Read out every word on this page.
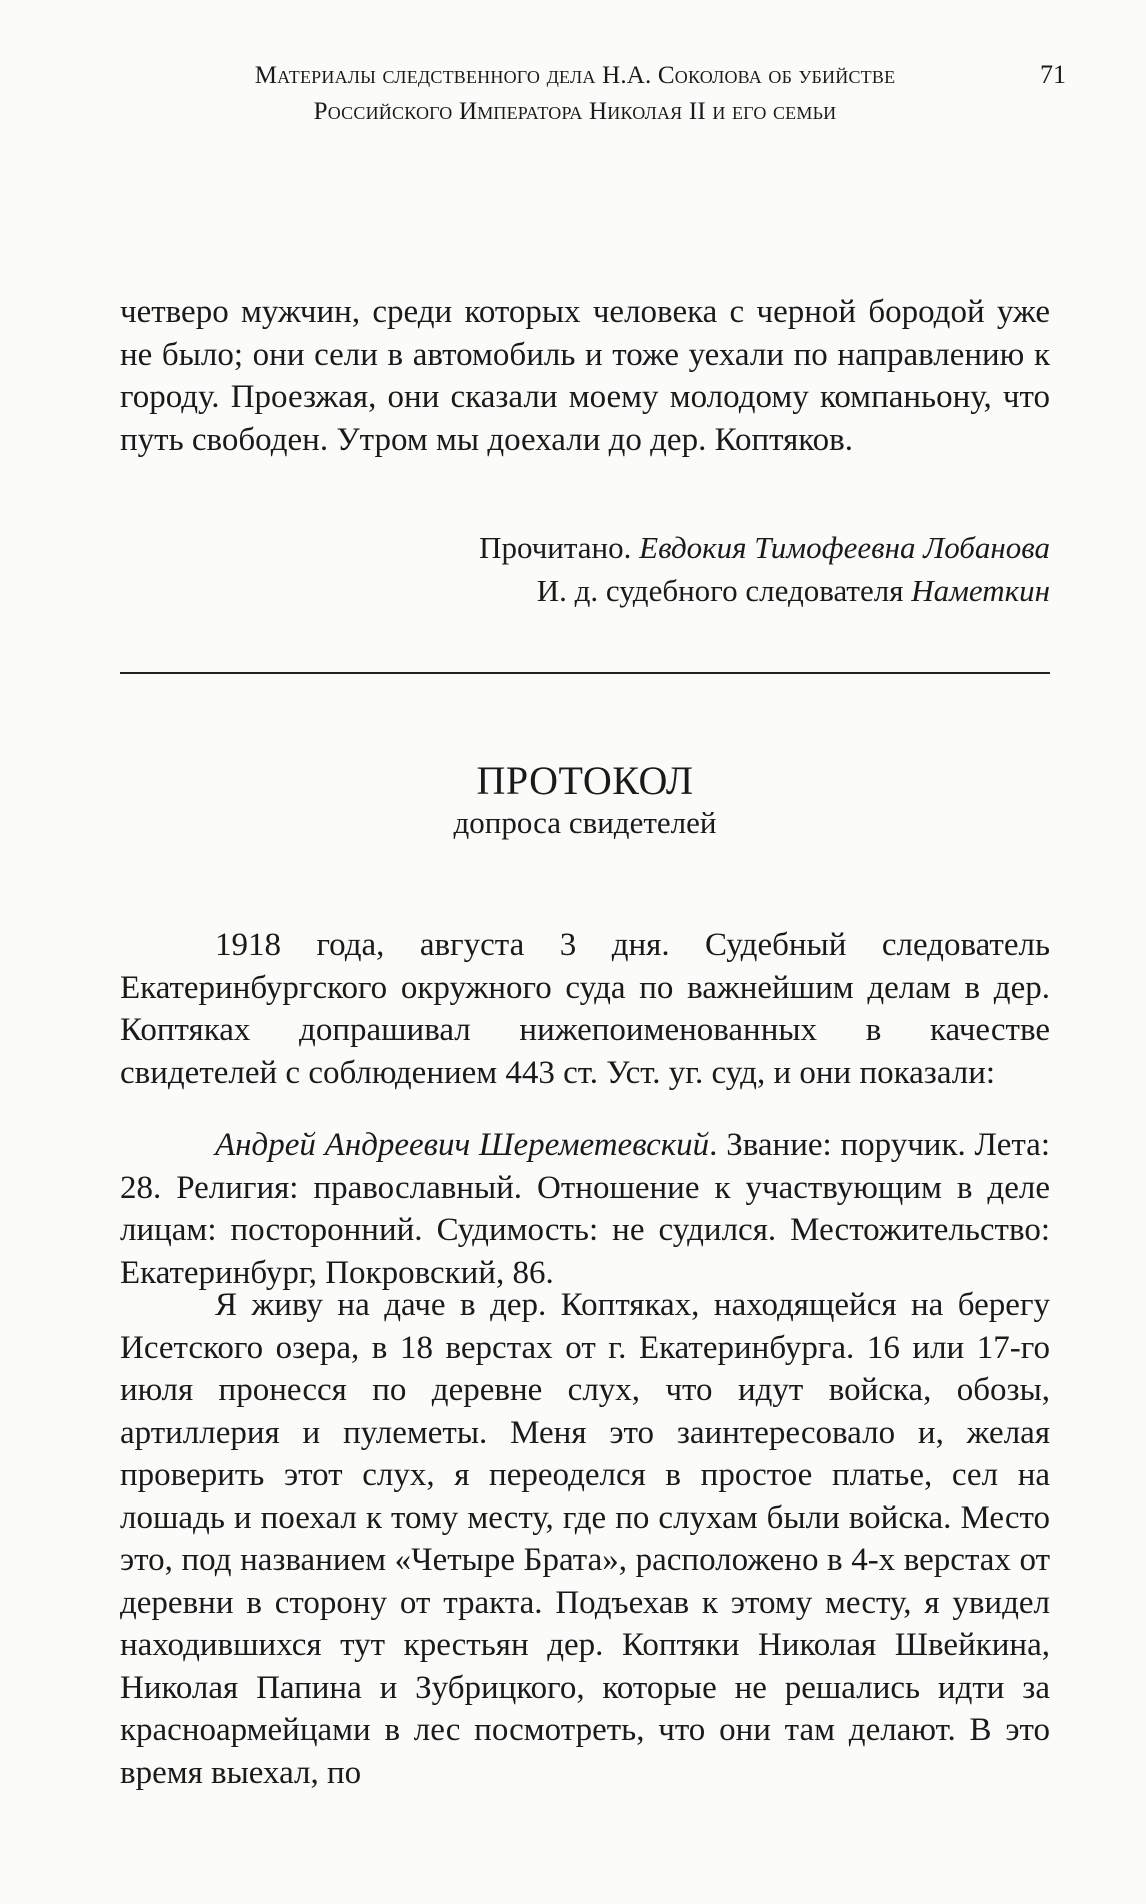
Материалы следственного дела Н.А. Соколова об убийстве
Российского Императора Николая II и его семьи
71
четверо мужчин, среди которых человека с черной бородой уже не было; они сели в автомобиль и тоже уехали по направлению к городу. Проезжая, они сказали моему молодому компаньону, что путь свободен. Утром мы доехали до дер. Коптяков.
Прочитано. Евдокия Тимофеевна Лобанова
И. д. судебного следователя Наметкин
ПРОТОКОЛ
допроса свидетелей
1918 года, августа 3 дня. Судебный следователь Екатеринбургского окружного суда по важнейшим делам в дер. Коптяках допрашивал нижепоименованных в качестве свидетелей с соблюдением 443 ст. Уст. уг. суд, и они показали:
Андрей Андреевич Шереметевский. Звание: поручик. Лета: 28. Религия: православный. Отношение к участвующим в деле лицам: посторонний. Судимость: не судился. Местожительство: Екатеринбург, Покровский, 86.
Я живу на даче в дер. Коптяках, находящейся на берегу Исетского озера, в 18 верстах от г. Екатеринбурга. 16 или 17-го июля пронесся по деревне слух, что идут войска, обозы, артиллерия и пулеметы. Меня это заинтересовало и, желая проверить этот слух, я переоделся в простое платье, сел на лошадь и поехал к тому месту, где по слухам были войска. Место это, под названием «Четыре Брата», расположено в 4-х верстах от деревни в сторону от тракта. Подъехав к этому месту, я увидел находившихся тут крестьян дер. Коптяки Николая Швейкина, Николая Папина и Зубрицкого, которые не решались идти за красноармейцами в лес посмотреть, что они там делают. В это время выехал, по
